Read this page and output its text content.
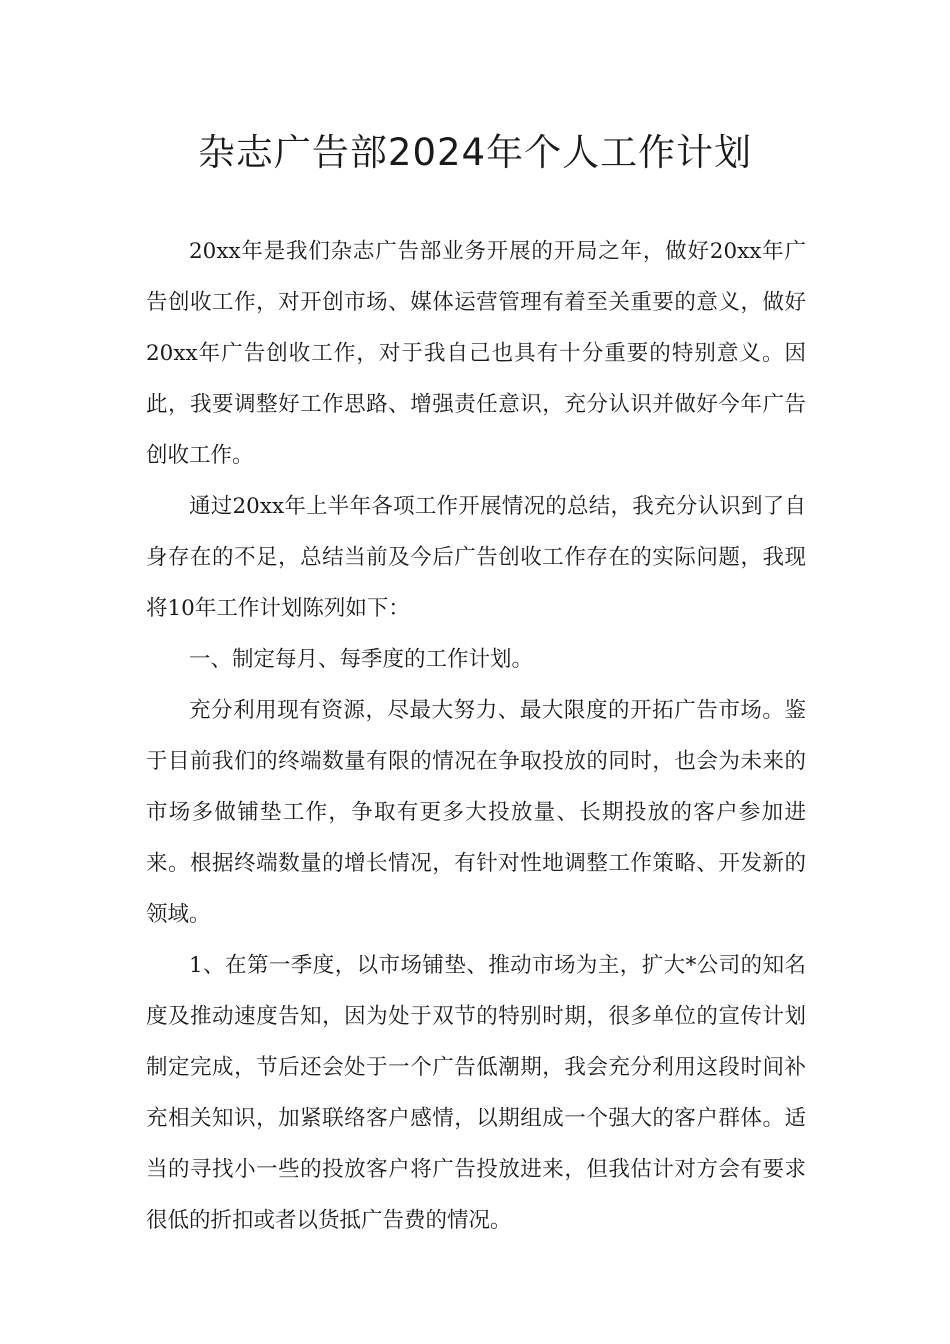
杂志广告部2024年个人工作计划

20xx年是我们杂志广告部业务开展的开局之年，做好20xx年广告创收工作，对开创市场、媒体运营管理有着至关重要的意义，做好20xx年广告创收工作，对于我自己也具有十分重要的特别意义。因此，我要调整好工作思路、增强责任意识，充分认识并做好今年广告创收工作。

通过20xx年上半年各项工作开展情况的总结，我充分认识到了自身存在的不足，总结当前及今后广告创收工作存在的实际问题，我现将10年工作计划陈列如下：

一、制定每月、每季度的工作计划。

充分利用现有资源，尽最大努力、最大限度的开拓广告市场。鉴于目前我们的终端数量有限的情况在争取投放的同时，也会为未来的市场多做铺垫工作，争取有更多大投放量、长期投放的客户参加进来。根据终端数量的增长情况，有针对性地调整工作策略、开发新的领域。

1、在第一季度，以市场铺垫、推动市场为主，扩大*公司的知名度及推动速度告知，因为处于双节的特别时期，很多单位的宣传计划制定完成，节后还会处于一个广告低潮期，我会充分利用这段时间补充相关知识，加紧联络客户感情，以期组成一个强大的客户群体。适当的寻找小一些的投放客户将广告投放进来，但我估计对方会有要求很低的折扣或者以货抵广告费的情况。
